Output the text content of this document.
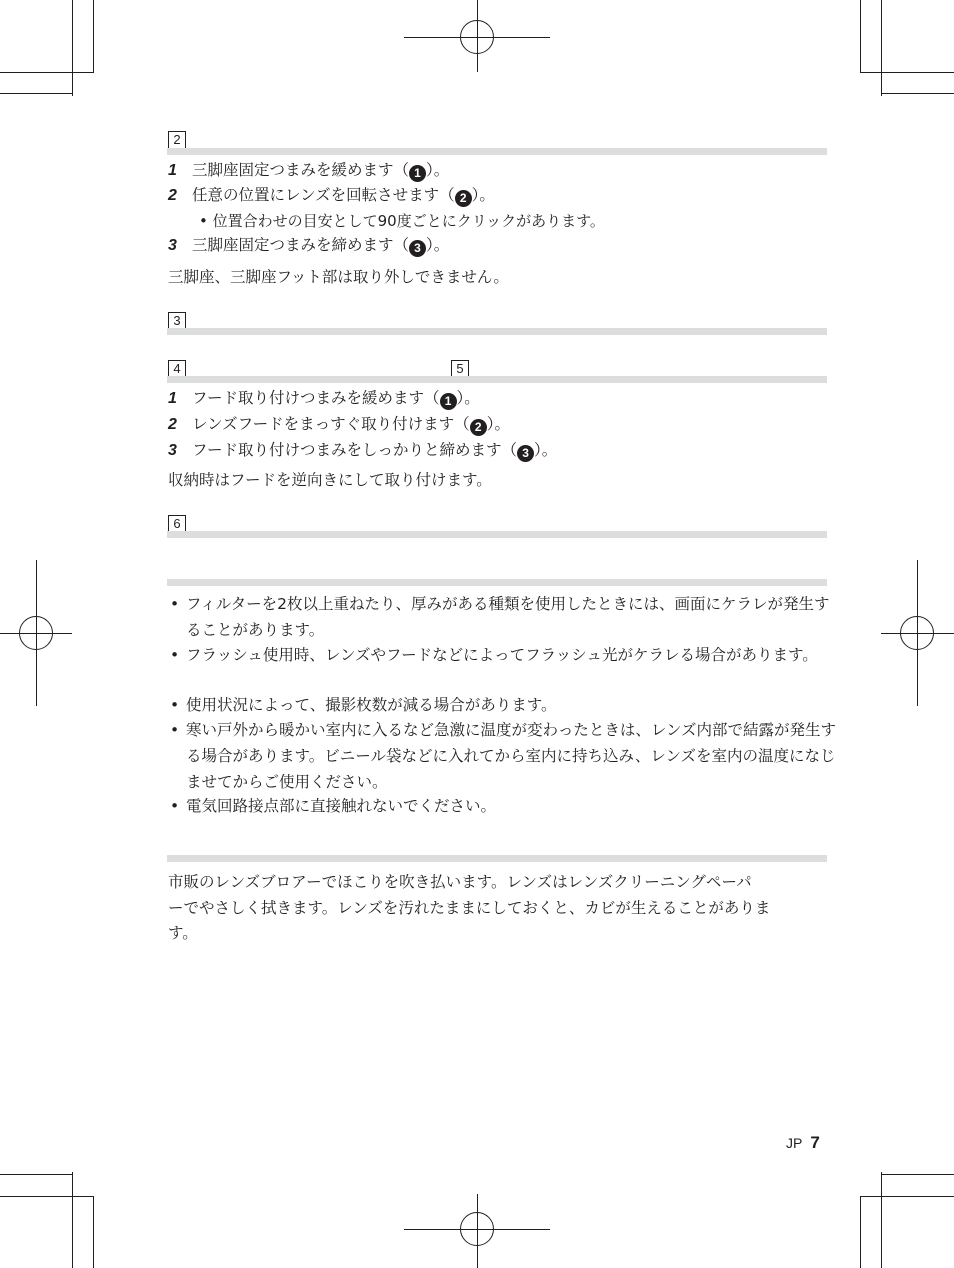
2
1 三脚座固定つまみを緩めます（ 1 ）。
2 任意の位置にレンズを回転させます（ 2 ）。
• 位置合わせの目安として90度ごとにクリックがあります。
3 三脚座固定つまみを締めます（ 3 ）。
三脚座、三脚座フット部は取り外しできません。
3
4	5
1 フード取り付けつまみを緩めます（ 1 ）。
2 レンズフードをまっすぐ取り付けます（ 2 ）。
3 フード取り付けつまみをしっかりと締めます（ 3 ）。
収納時はフードを逆向きにして取り付けます。
6
• フィルターを2枚以上重ねたり、厚みがある種類を使用したときには、画面にケラレが発生することがあります。
• フラッシュ使用時、レンズやフードなどによってフラッシュ光がケラレる場合があります。
• 使用状況によって、撮影枚数が減る場合があります。
• 寒い戸外から暖かい室内に入るなど急激に温度が変わったときは、レンズ内部で結露が発生する場合があります。ビニール袋などに入れてから室内に持ち込み、レンズを室内の温度になじませてからご使用ください。
• 電気回路接点部に直接触れないでください。
市販のレンズブロアーでほこりを吹き払います。レンズはレンズクリーニングペーパ
ーでやさしく拭きます。レンズを汚れたままにしておくと、カビが生えることがありま
す。
JP 7
